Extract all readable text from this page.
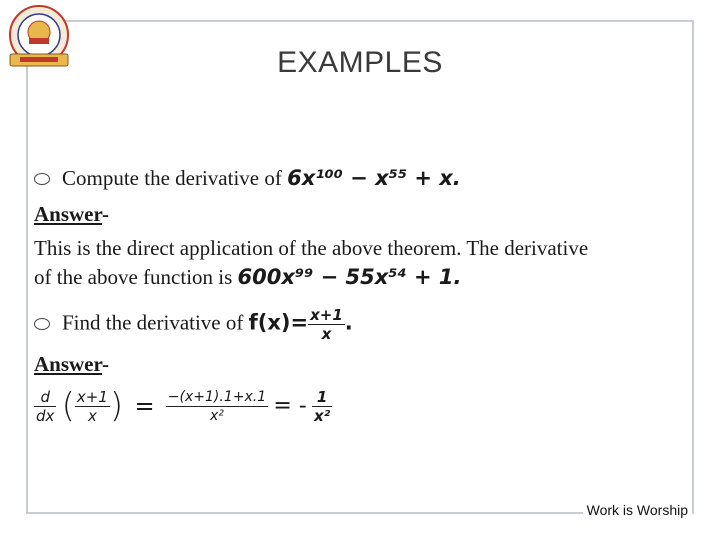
EXAMPLES
Compute the derivative of 6x¹⁰⁰ − x⁵⁵ + x.
Answer-
This is the direct application of the above theorem. The derivative
of the above function is 600x⁹⁹ − 55x⁵⁴ + 1.
Find the derivative of $f(x)= \frac{x+1}{x}$ .
Answer-
$\frac{d}{dx}$ ( $\frac{x+1}{x}$ ) = $\frac{-(x+1).1+x.1}{\text{x²}}$ = - $\frac{1}{\text{x²}}$
Work is Worship
